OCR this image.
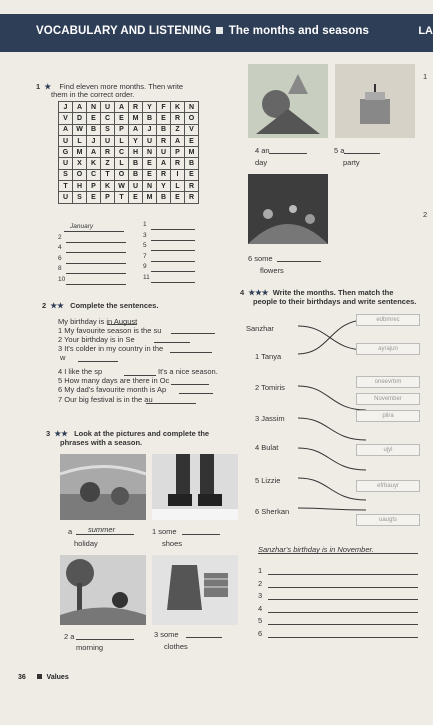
VOCABULARY AND LISTENING The months and seasons	LA
1 ★ Find eleven more months. Then write
them in the correct order.
J	A	N	U	A	R	Y	F	K	N
V	D	E	C	E	M	B	E	R	O
A	W	B	S	P	A	J	B	Z	V
U	L	J	U	L	Y	U	R	A	E
G	M	A	R	C	H	N	U	P	M
U	X	K	Z	L	B	E	A	R	B
S	O	C	T	O	B	E	R	I	E
T	H	P	K	W	U	N	Y	L	R
U	S	E	P	T	E	M	B	E	R
January
2
4
6
8
10
1
3
5
7
9
11
1
4 an
day
5 a
party
2
6 some
flowers
2 ★★ Complete the sentences.
My birthday is in August
1 My favourite season is the su
2 Your birthday is in Se
3 It's colder in my country in the
w
4 I like the sp	It's a nice season.
5 How many days are there in Oc
6 My dad's favourite month is Ap
7 Our big festival is in the au
3 ★★ Look at the pictures and complete the
phrases with a season.
a summer
holiday
1 some
shoes
2 a
morning
3 some
clothes
4 ★★★ Write the months. Then match the
people to their birthdays and write sentences.
Sanzhar
1 Tanya
2 Tomiris
3 Jassim
4 Bulat
5 Lizzie
6 Sherkan
edbmrec
ayrajun
oneevrbm
November
pilra
ujyl
efrbauyr
uaugts
Sanzhar's birthday is in November.
1
2
3
4
5
6
36	Values
